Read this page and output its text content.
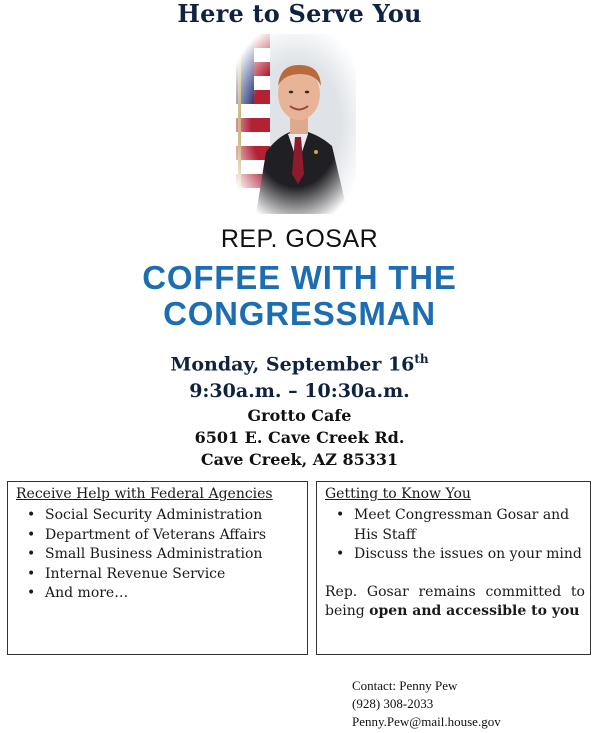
Here to Serve You
REP. GOSAR
COFFEE WITH THE
CONGRESSMAN
Monday, September 16th
9:30a.m. – 10:30a.m.
Grotto Cafe
6501 E. Cave Creek Rd.
Cave Creek, AZ 85331
Receive Help with Federal Agencies
• Social Security Administration
• Department of Veterans Affairs
• Small Business Administration
• Internal Revenue Service
• And more…
Getting to Know You
• Meet Congressman Gosar and His Staff
• Discuss the issues on your mind
Rep. Gosar remains committed to being open and accessible to you
Contact: Penny Pew
(928) 308-2033
Penny.Pew@mail.house.gov
